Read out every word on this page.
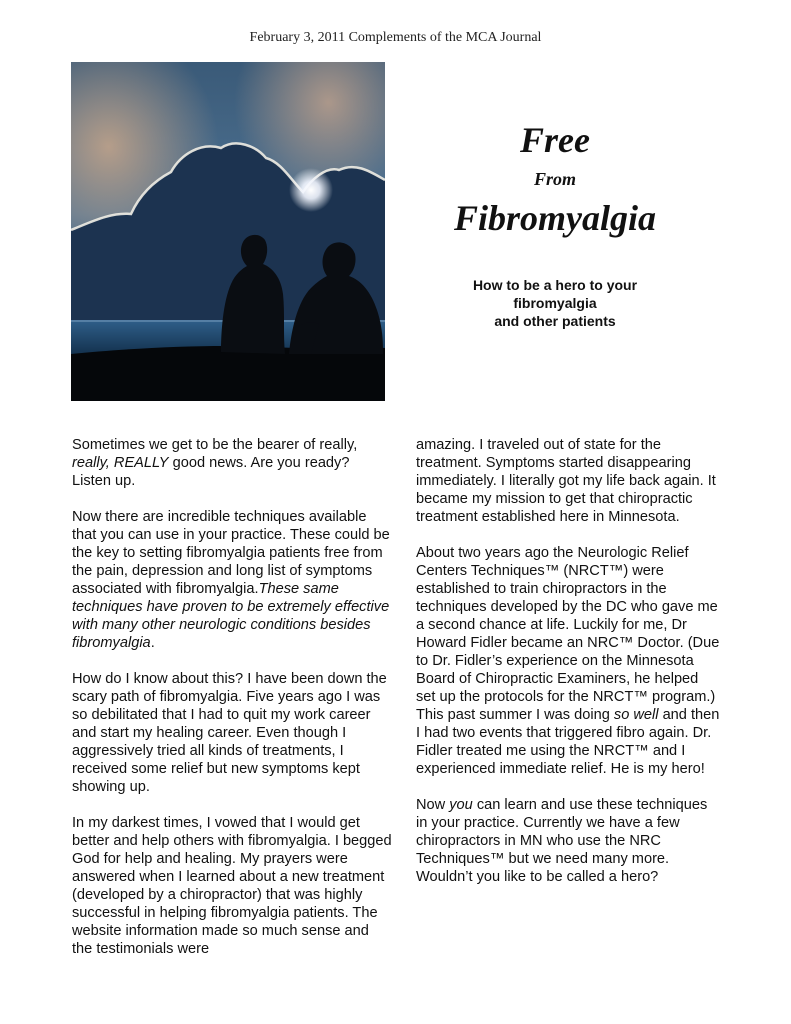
February 3, 2011 Complements of the MCA Journal
Free
From
Fibromyalgia
How to be a hero to your
fibromyalgia
and other patients

Sometimes we get to be the bearer of really, really, REALLY good news. Are you ready? Listen up.

Now there are incredible techniques available that you can use in your practice. These could be the key to setting fibromyalgia patients free from the pain, depression and long list of symptoms associated with fibromyalgia.These same techniques have proven to be extremely effective with many other neurologic conditions besides fibromyalgia.

How do I know about this? I have been down the scary path of fibromyalgia. Five years ago I was so debilitated that I had to quit my work career and start my healing career. Even though I aggressively tried all kinds of treatments, I received some relief but new symptoms kept showing up.

In my darkest times, I vowed that I would get better and help others with fibromyalgia. I begged God for help and healing. My prayers were answered when I learned about a new treatment (developed by a chiropractor) that was highly successful in helping fibromyalgia patients. The website information made so much sense and the testimonials were

amazing. I traveled out of state for the treatment. Symptoms started disappearing immediately. I literally got my life back again. It became my mission to get that chiropractic treatment established here in Minnesota.

About two years ago the Neurologic Relief Centers Techniques™ (NRCT™) were established to train chiropractors in the techniques developed by the DC who gave me a second chance at life. Luckily for me, Dr Howard Fidler became an NRC™ Doctor. (Due to Dr. Fidler’s experience on the Minnesota Board of Chiropractic Examiners, he helped set up the protocols for the NRCT™ program.) This past summer I was doing so well and then I had two events that triggered fibro again. Dr. Fidler treated me using the NRCT™ and I experienced immediate relief. He is my hero!

Now you can learn and use these techniques in your practice. Currently we have a few chiropractors in MN who use the NRC Techniques™ but we need many more. Wouldn’t you like to be called a hero?
